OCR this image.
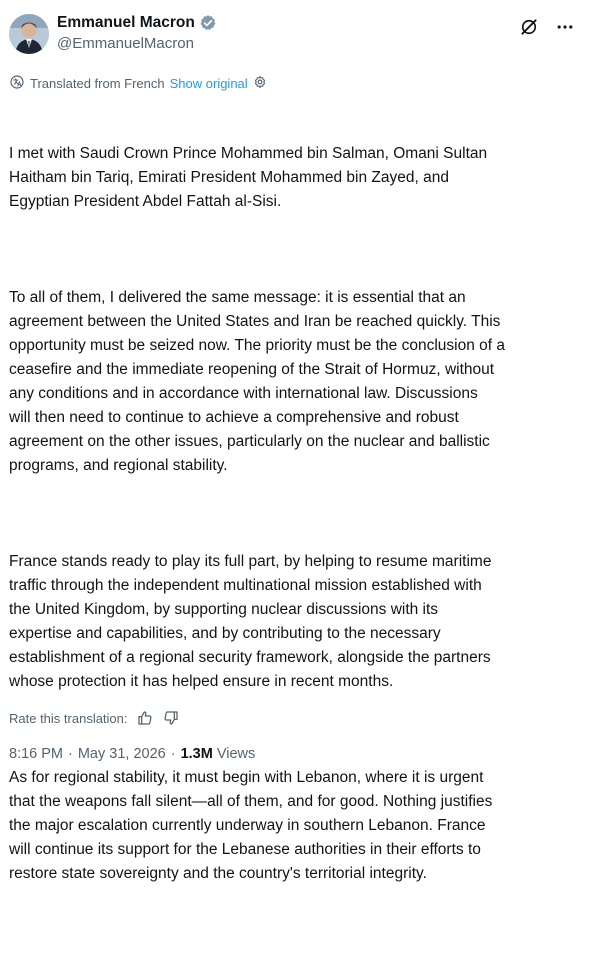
Emmanuel Macron
@EmmanuelMacron
Translated from French Show original

I met with Saudi Crown Prince Mohammed bin Salman, Omani Sultan
Haitham bin Tariq, Emirati President Mohammed bin Zayed, and
Egyptian President Abdel Fattah al-Sisi.

To all of them, I delivered the same message: it is essential that an
agreement between the United States and Iran be reached quickly. This
opportunity must be seized now. The priority must be the conclusion of a
ceasefire and the immediate reopening of the Strait of Hormuz, without
any conditions and in accordance with international law. Discussions
will then need to continue to achieve a comprehensive and robust
agreement on the other issues, particularly on the nuclear and ballistic
programs, and regional stability.

France stands ready to play its full part, by helping to resume maritime
traffic through the independent multinational mission established with
the United Kingdom, by supporting nuclear discussions with its
expertise and capabilities, and by contributing to the necessary
establishment of a regional security framework, alongside the partners
whose protection it has helped ensure in recent months.

As for regional stability, it must begin with Lebanon, where it is urgent
that the weapons fall silent—all of them, and for good. Nothing justifies
the major escalation currently underway in southern Lebanon. France
will continue its support for the Lebanese authorities in their efforts to
restore state sovereignty and the country's territorial integrity.

Rate this translation:
8:16 PM · May 31, 2026 · 1.3M Views
